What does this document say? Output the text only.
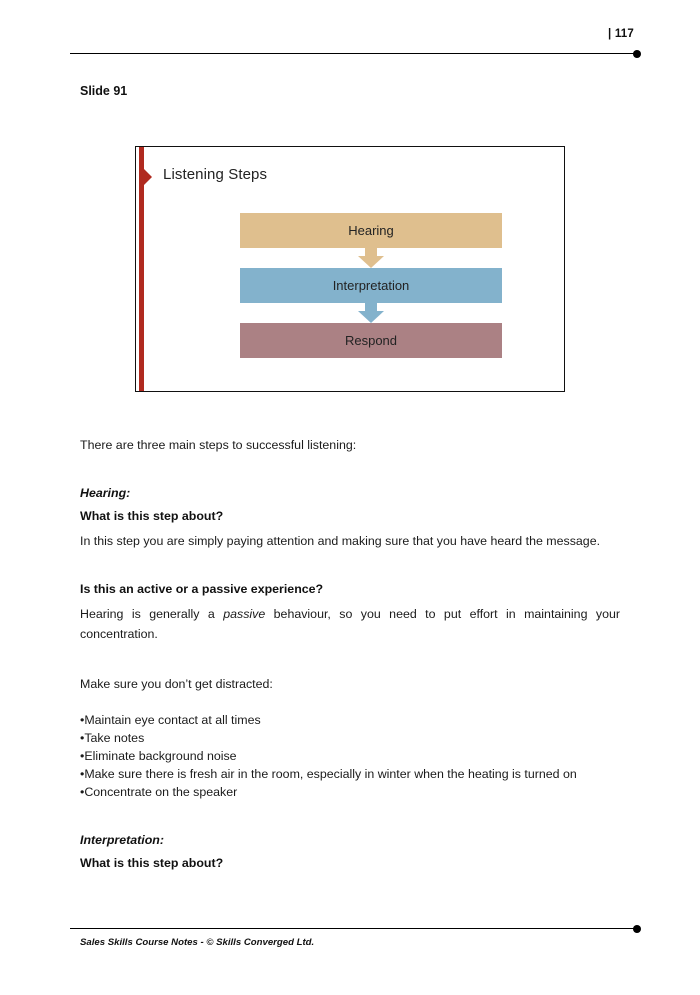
| 117
Slide 91
Listening Steps
Hearing
Interpretation
Respond

There are three main steps to successful listening:

Hearing:

What is this step about?

In this step you are simply paying attention and making sure that you have heard the message.

Is this an active or a passive experience?

Hearing is generally a passive behaviour, so you need to put effort in maintaining your concentration.

Make sure you don’t get distracted:

•Maintain eye contact at all times
•Take notes
•Eliminate background noise
•Make sure there is fresh air in the room, especially in winter when the heating is turned on
•Concentrate on the speaker

Interpretation:

What is this step about?

Sales Skills Course Notes - © Skills Converged Ltd.
